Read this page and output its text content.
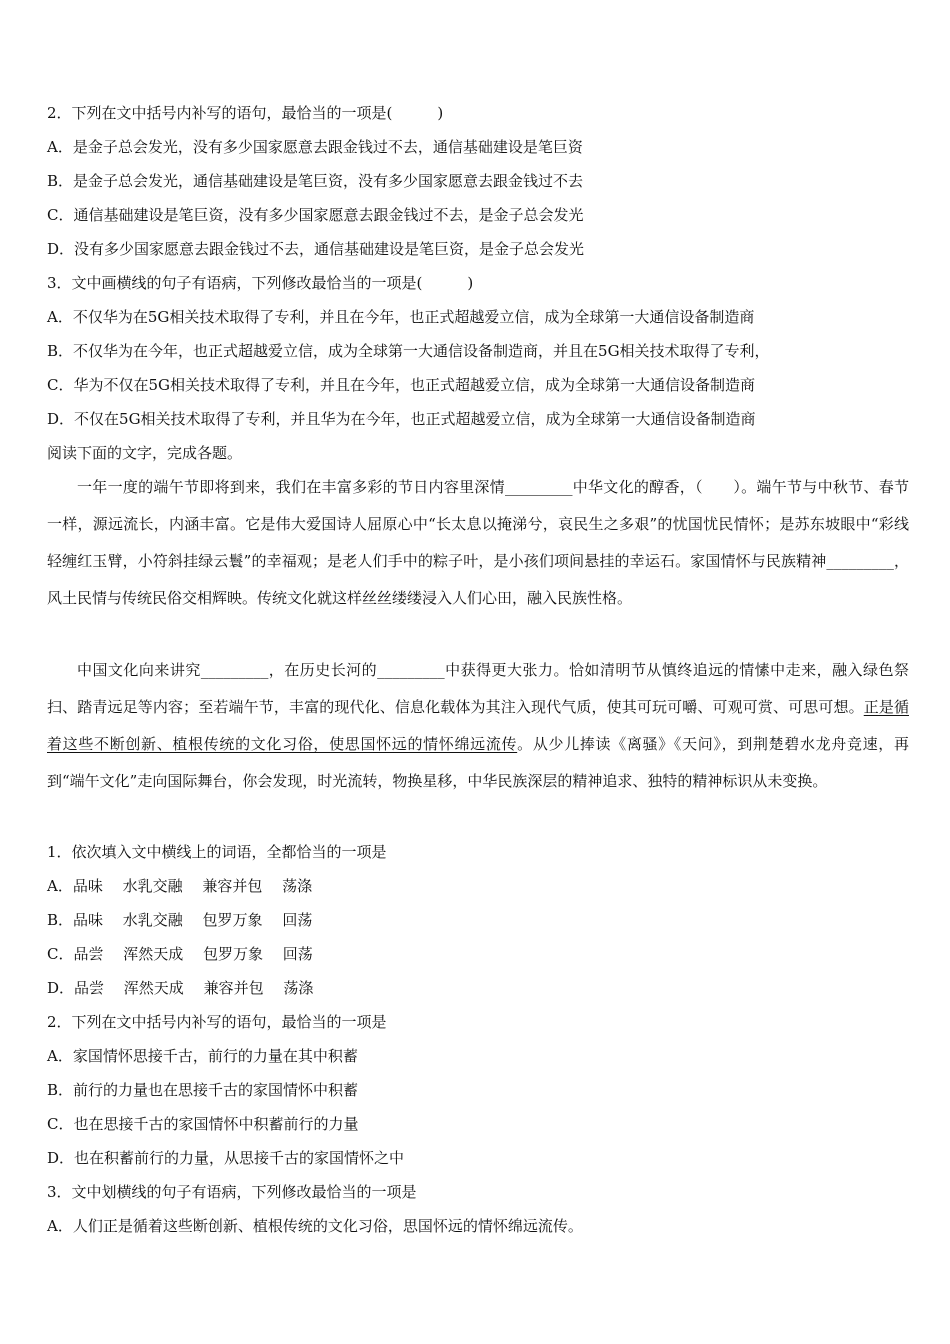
2．下列在文中括号内补写的语句，最恰当的一项是(　　　)
A．是金子总会发光，没有多少国家愿意去跟金钱过不去，通信基础建设是笔巨资
B．是金子总会发光，通信基础建设是笔巨资，没有多少国家愿意去跟金钱过不去
C．通信基础建设是笔巨资，没有多少国家愿意去跟金钱过不去，是金子总会发光
D．没有多少国家愿意去跟金钱过不去，通信基础建设是笔巨资，是金子总会发光
3．文中画横线的句子有语病，下列修改最恰当的一项是(　　　)
A．不仅华为在5G相关技术取得了专利，并且在今年，也正式超越爱立信，成为全球第一大通信设备制造商
B．不仅华为在今年，也正式超越爱立信，成为全球第一大通信设备制造商，并且在5G相关技术取得了专利，
C．华为不仅在5G相关技术取得了专利，并且在今年，也正式超越爱立信，成为全球第一大通信设备制造商
D．不仅在5G相关技术取得了专利，并且华为在今年，也正式超越爱立信，成为全球第一大通信设备制造商
阅读下面的文字，完成各题。
一年一度的端午节即将到来，我们在丰富多彩的节日内容里深情_________中华文化的醇香，（　　）。端午节与中秋节、春节一样，源远流长，内涵丰富。它是伟大爱国诗人屈原心中“长太息以掩涕兮，哀民生之多艰”的忧国忧民情怀；是苏东坡眼中“彩线轻缠红玉臂，小符斜挂绿云鬟”的幸福观；是老人们手中的粽子叶，是小孩们项间悬挂的幸运石。家国情怀与民族精神_________，风土民情与传统民俗交相辉映。传统文化就这样丝丝缕缕浸入人们心田，融入民族性格。
中国文化向来讲究_________，在历史长河的_________中获得更大张力。恰如清明节从慎终追远的情愫中走来，融入绿色祭扫、踏青远足等内容；至若端午节，丰富的现代化、信息化载体为其注入现代气质，使其可玩可嚼、可观可赏、可思可想。正是循着这些不断创新、植根传统的文化习俗，使思国怀远的情怀绵远流传。从少儿捧读《离骚》《天问》，到荆楚碧水龙舟竞速，再到“端午文化”走向国际舞台，你会发现，时光流转，物换星移，中华民族深层的精神追求、独特的精神标识从未变换。
1．依次填入文中横线上的词语，全都恰当的一项是
A．品味　 水乳交融　 兼容并包　 荡涤
B．品味　 水乳交融　 包罗万象　 回荡
C．品尝　 浑然天成　 包罗万象　 回荡
D．品尝　 浑然天成　 兼容并包　 荡涤
2．下列在文中括号内补写的语句，最恰当的一项是
A．家国情怀思接千古，前行的力量在其中积蓄
B．前行的力量也在思接千古的家国情怀中积蓄
C．也在思接千古的家国情怀中积蓄前行的力量
D．也在积蓄前行的力量，从思接千古的家国情怀之中
3．文中划横线的句子有语病，下列修改最恰当的一项是
A．人们正是循着这些断创新、植根传统的文化习俗，思国怀远的情怀绵远流传。
